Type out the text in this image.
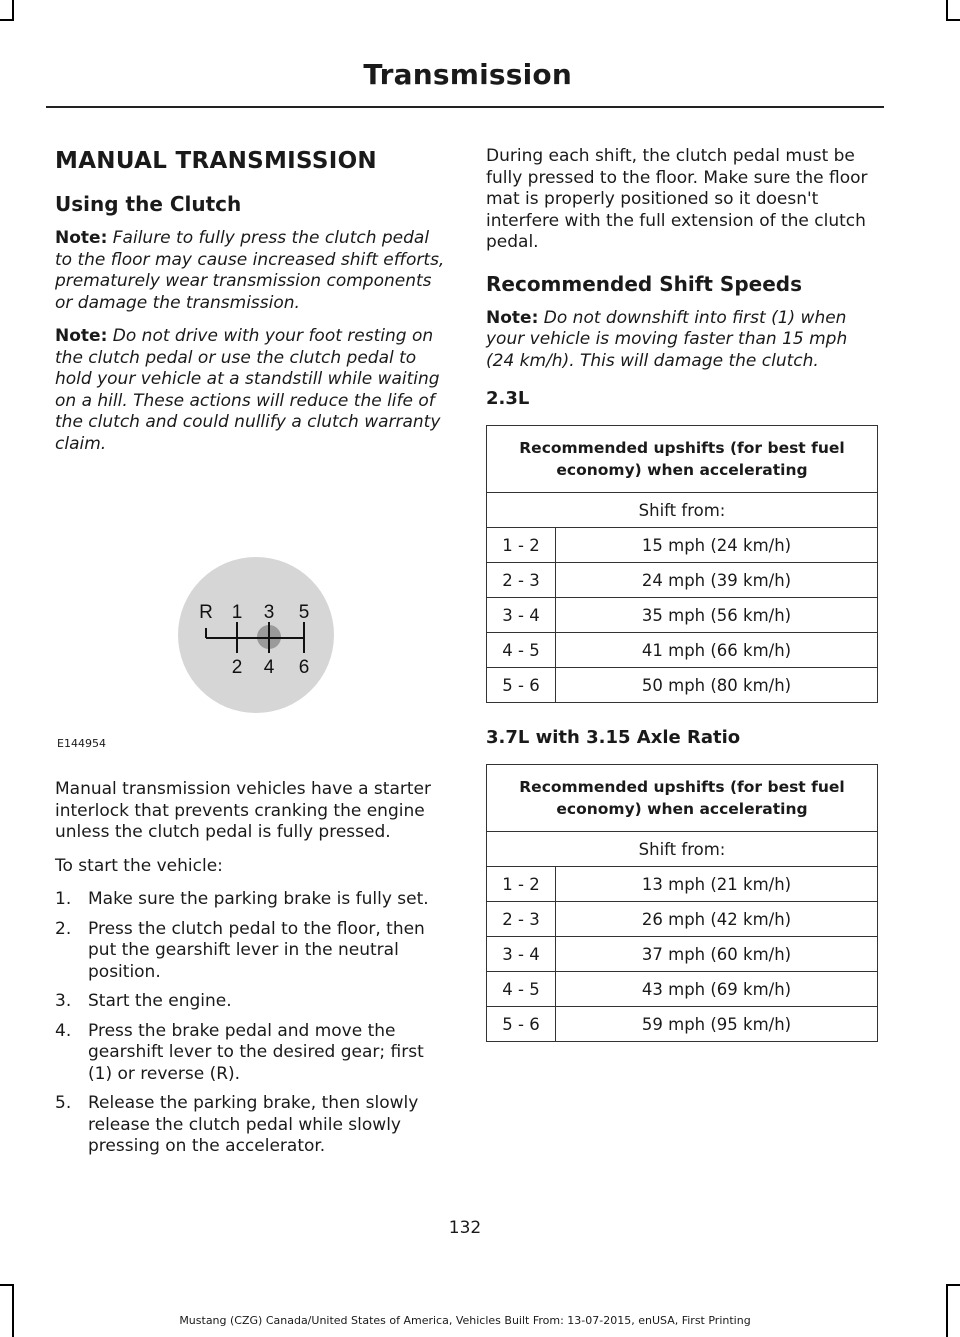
Transmission
MANUAL TRANSMISSION
Using the Clutch

Note: Failure to fully press the clutch pedal to the floor may cause increased shift efforts, prematurely wear transmission components or damage the transmission.

Note: Do not drive with your foot resting on the clutch pedal or use the clutch pedal to hold your vehicle at a standstill while waiting on a hill. These actions will reduce the life of the clutch and could nullify a clutch warranty claim.

R 1 3 5
2 4 6
E144954

Manual transmission vehicles have a starter interlock that prevents cranking the engine unless the clutch pedal is fully pressed.

To start the vehicle:

1. Make sure the parking brake is fully set.
2. Press the clutch pedal to the floor, then put the gearshift lever in the neutral position.
3. Start the engine.
4. Press the brake pedal and move the gearshift lever to the desired gear; first (1) or reverse (R).
5. Release the parking brake, then slowly release the clutch pedal while slowly pressing on the accelerator.

During each shift, the clutch pedal must be fully pressed to the floor. Make sure the floor mat is properly positioned so it doesn't interfere with the full extension of the clutch pedal.

Recommended Shift Speeds

Note: Do not downshift into first (1) when your vehicle is moving faster than 15 mph (24 km/h). This will damage the clutch.

2.3L
Recommended upshifts (for best fuel economy) when accelerating	
Shift from:	
1 - 2	15 mph (24 km/h)
2 - 3	24 mph (39 km/h)
3 - 4	35 mph (56 km/h)
4 - 5	41 mph (66 km/h)
5 - 6	50 mph (80 km/h)
3.7L with 3.15 Axle Ratio
Recommended upshifts (for best fuel economy) when accelerating	
Shift from:	
1 - 2	13 mph (21 km/h)
2 - 3	26 mph (42 km/h)
3 - 4	37 mph (60 km/h)
4 - 5	43 mph (69 km/h)
5 - 6	59 mph (95 km/h)
132
Mustang (CZG) Canada/United States of America, Vehicles Built From: 13-07-2015, enUSA, First Printing
